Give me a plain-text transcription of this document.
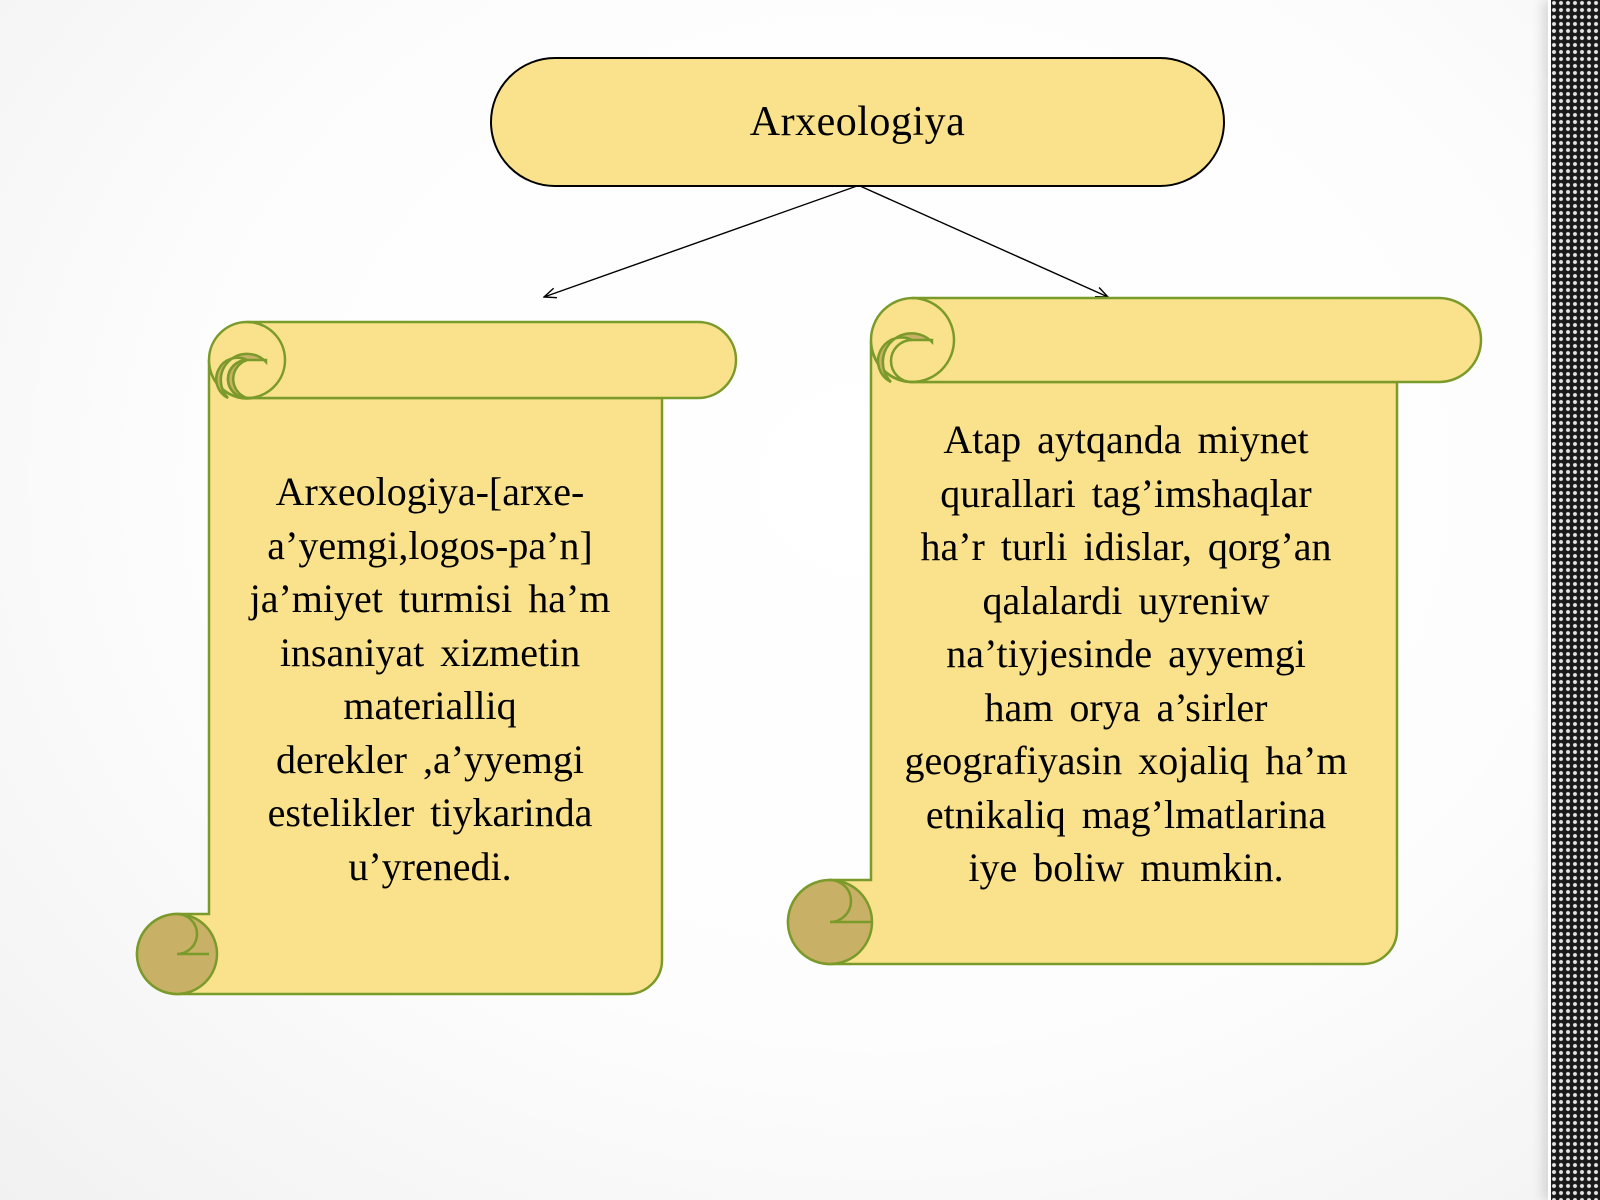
Arxeologiya
Arxeologiya-[arxe-
a’yemgi,logos-pa’n]
ja’miyet turmisi ha’m
insaniyat xizmetin
materialliq
derekler ,a’yyemgi
estelikler tiykarinda
u’yrenedi.
Atap aytqanda miynet
qurallari tag’imshaqlar
ha’r turli idislar, qorg’an
qalalardi uyreniw
na’tiyjesinde ayyemgi
ham orya a’sirler
geografiyasin xojaliq ha’m
etnikaliq mag’lmatlarina
iye boliw mumkin.
